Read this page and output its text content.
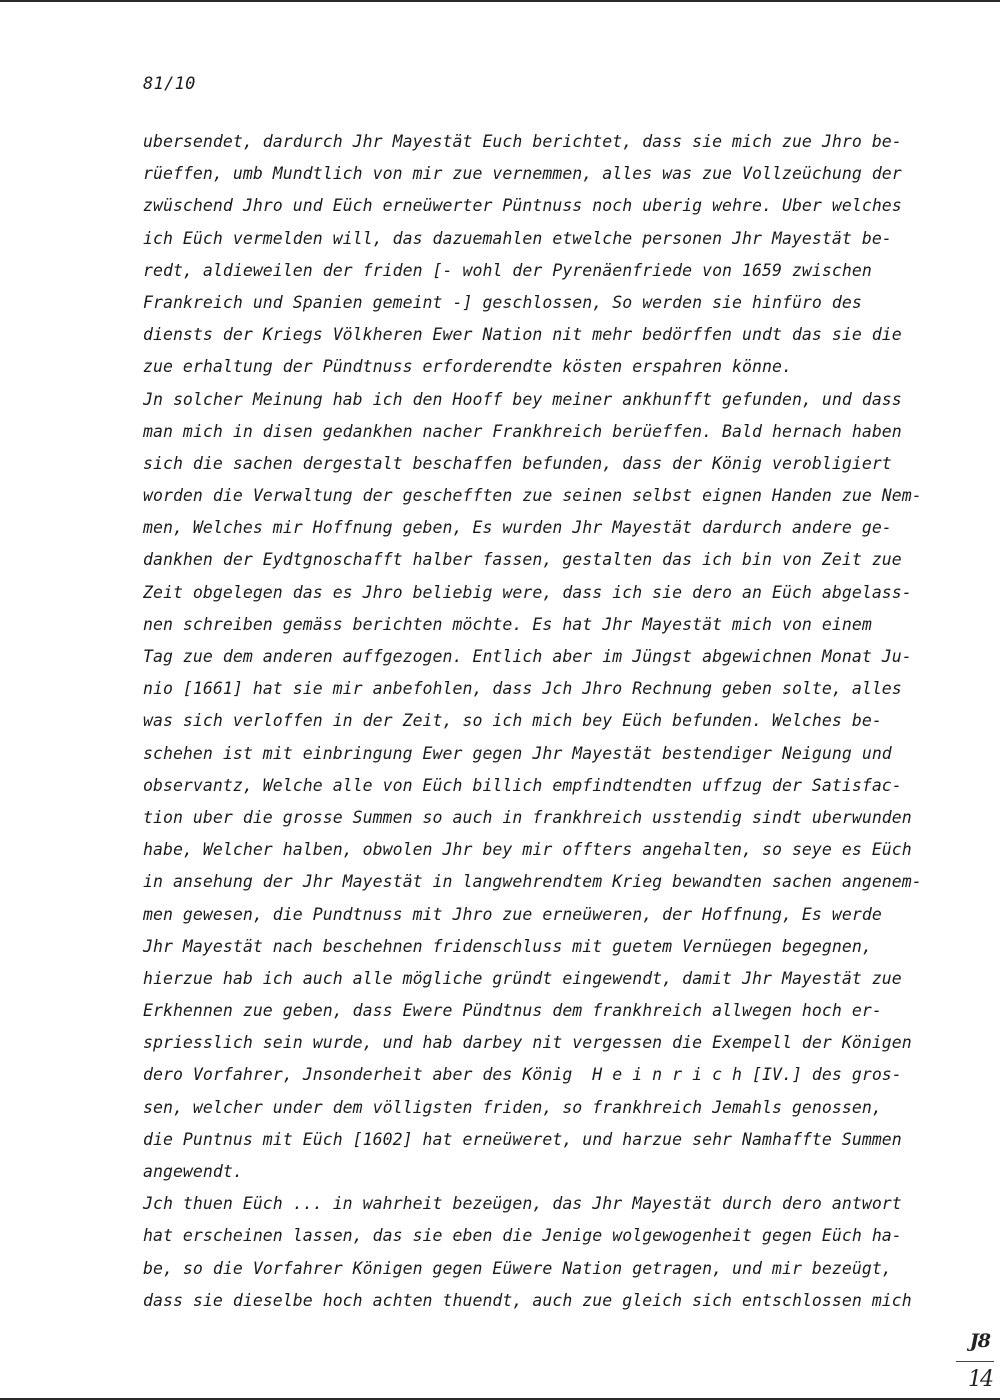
81/10
ubersendet, dardurch Jhr Mayestät Euch berichtet, dass sie mich zue Jhro be-
rüeffen, umb Mundtlich von mir zue vernemmen, alles was zue Vollzeüchung der
zwüschend Jhro und Eüch erneüwerter Püntnuss noch uberig wehre. Uber welches
ich Eüch vermelden will, das dazuemahlen etwelche personen Jhr Mayestät be-
redt, aldieweilen der friden [- wohl der Pyrenäenfriede von 1659 zwischen
Frankreich und Spanien gemeint -] geschlossen, So werden sie hinfüro des
diensts der Kriegs Völkheren Ewer Nation nit mehr bedörffen undt das sie die
zue erhaltung der Pündtnuss erforderendte kösten erspahren könne.
Jn solcher Meinung hab ich den Hooff bey meiner ankhunfft gefunden, und dass
man mich in disen gedankhen nacher Frankhreich berüeffen. Bald hernach haben
sich die sachen dergestalt beschaffen befunden, dass der König verobligiert
worden die Verwaltung der geschefften zue seinen selbst eignen Handen zue Nem-
men, Welches mir Hoffnung geben, Es wurden Jhr Mayestät dardurch andere ge-
dankhen der Eydtgnoschafft halber fassen, gestalten das ich bin von Zeit zue
Zeit obgelegen das es Jhro beliebig were, dass ich sie dero an Eüch abgelass-
nen schreiben gemäss berichten möchte. Es hat Jhr Mayestät mich von einem
Tag zue dem anderen auffgezogen. Entlich aber im Jüngst abgewichnen Monat Ju-
nio [1661] hat sie mir anbefohlen, dass Jch Jhro Rechnung geben solte, alles
was sich verloffen in der Zeit, so ich mich bey Eüch befunden. Welches be-
schehen ist mit einbringung Ewer gegen Jhr Mayestät bestendiger Neigung und
observantz, Welche alle von Eüch billich empfindtendten uffzug der Satisfac-
tion uber die grosse Summen so auch in frankhreich usstendig sindt uberwunden
habe, Welcher halben, obwolen Jhr bey mir offters angehalten, so seye es Eüch
in ansehung der Jhr Mayestät in langwehrendtem Krieg bewandten sachen angenem-
men gewesen, die Pundtnuss mit Jhro zue erneüweren, der Hoffnung, Es werde
Jhr Mayestät nach beschehnen fridenschluss mit guetem Vernüegen begegnen,
hierzue hab ich auch alle mögliche gründt eingewendt, damit Jhr Mayestät zue
Erkhennen zue geben, dass Ewere Pündtnus dem frankhreich allwegen hoch er-
spriesslich sein wurde, und hab darbey nit vergessen die Exempell der Königen
dero Vorfahrer, Jnsonderheit aber des König  H e i n r i c h [IV.] des gros-
sen, welcher under dem völligsten friden, so frankhreich Jemahls genossen,
die Puntnus mit Eüch [1602] hat erneüweret, und harzue sehr Namhaffte Summen
angewendt.
Jch thuen Eüch ... in wahrheit bezeügen, das Jhr Mayestät durch dero antwort
hat erscheinen lassen, das sie eben die Jenige wolgewogenheit gegen Eüch ha-
be, so die Vorfahrer Königen gegen Eüwere Nation getragen, und mir bezeügt,
dass sie dieselbe hoch achten thuendt, auch zue gleich sich entschlossen mich
J8
14
